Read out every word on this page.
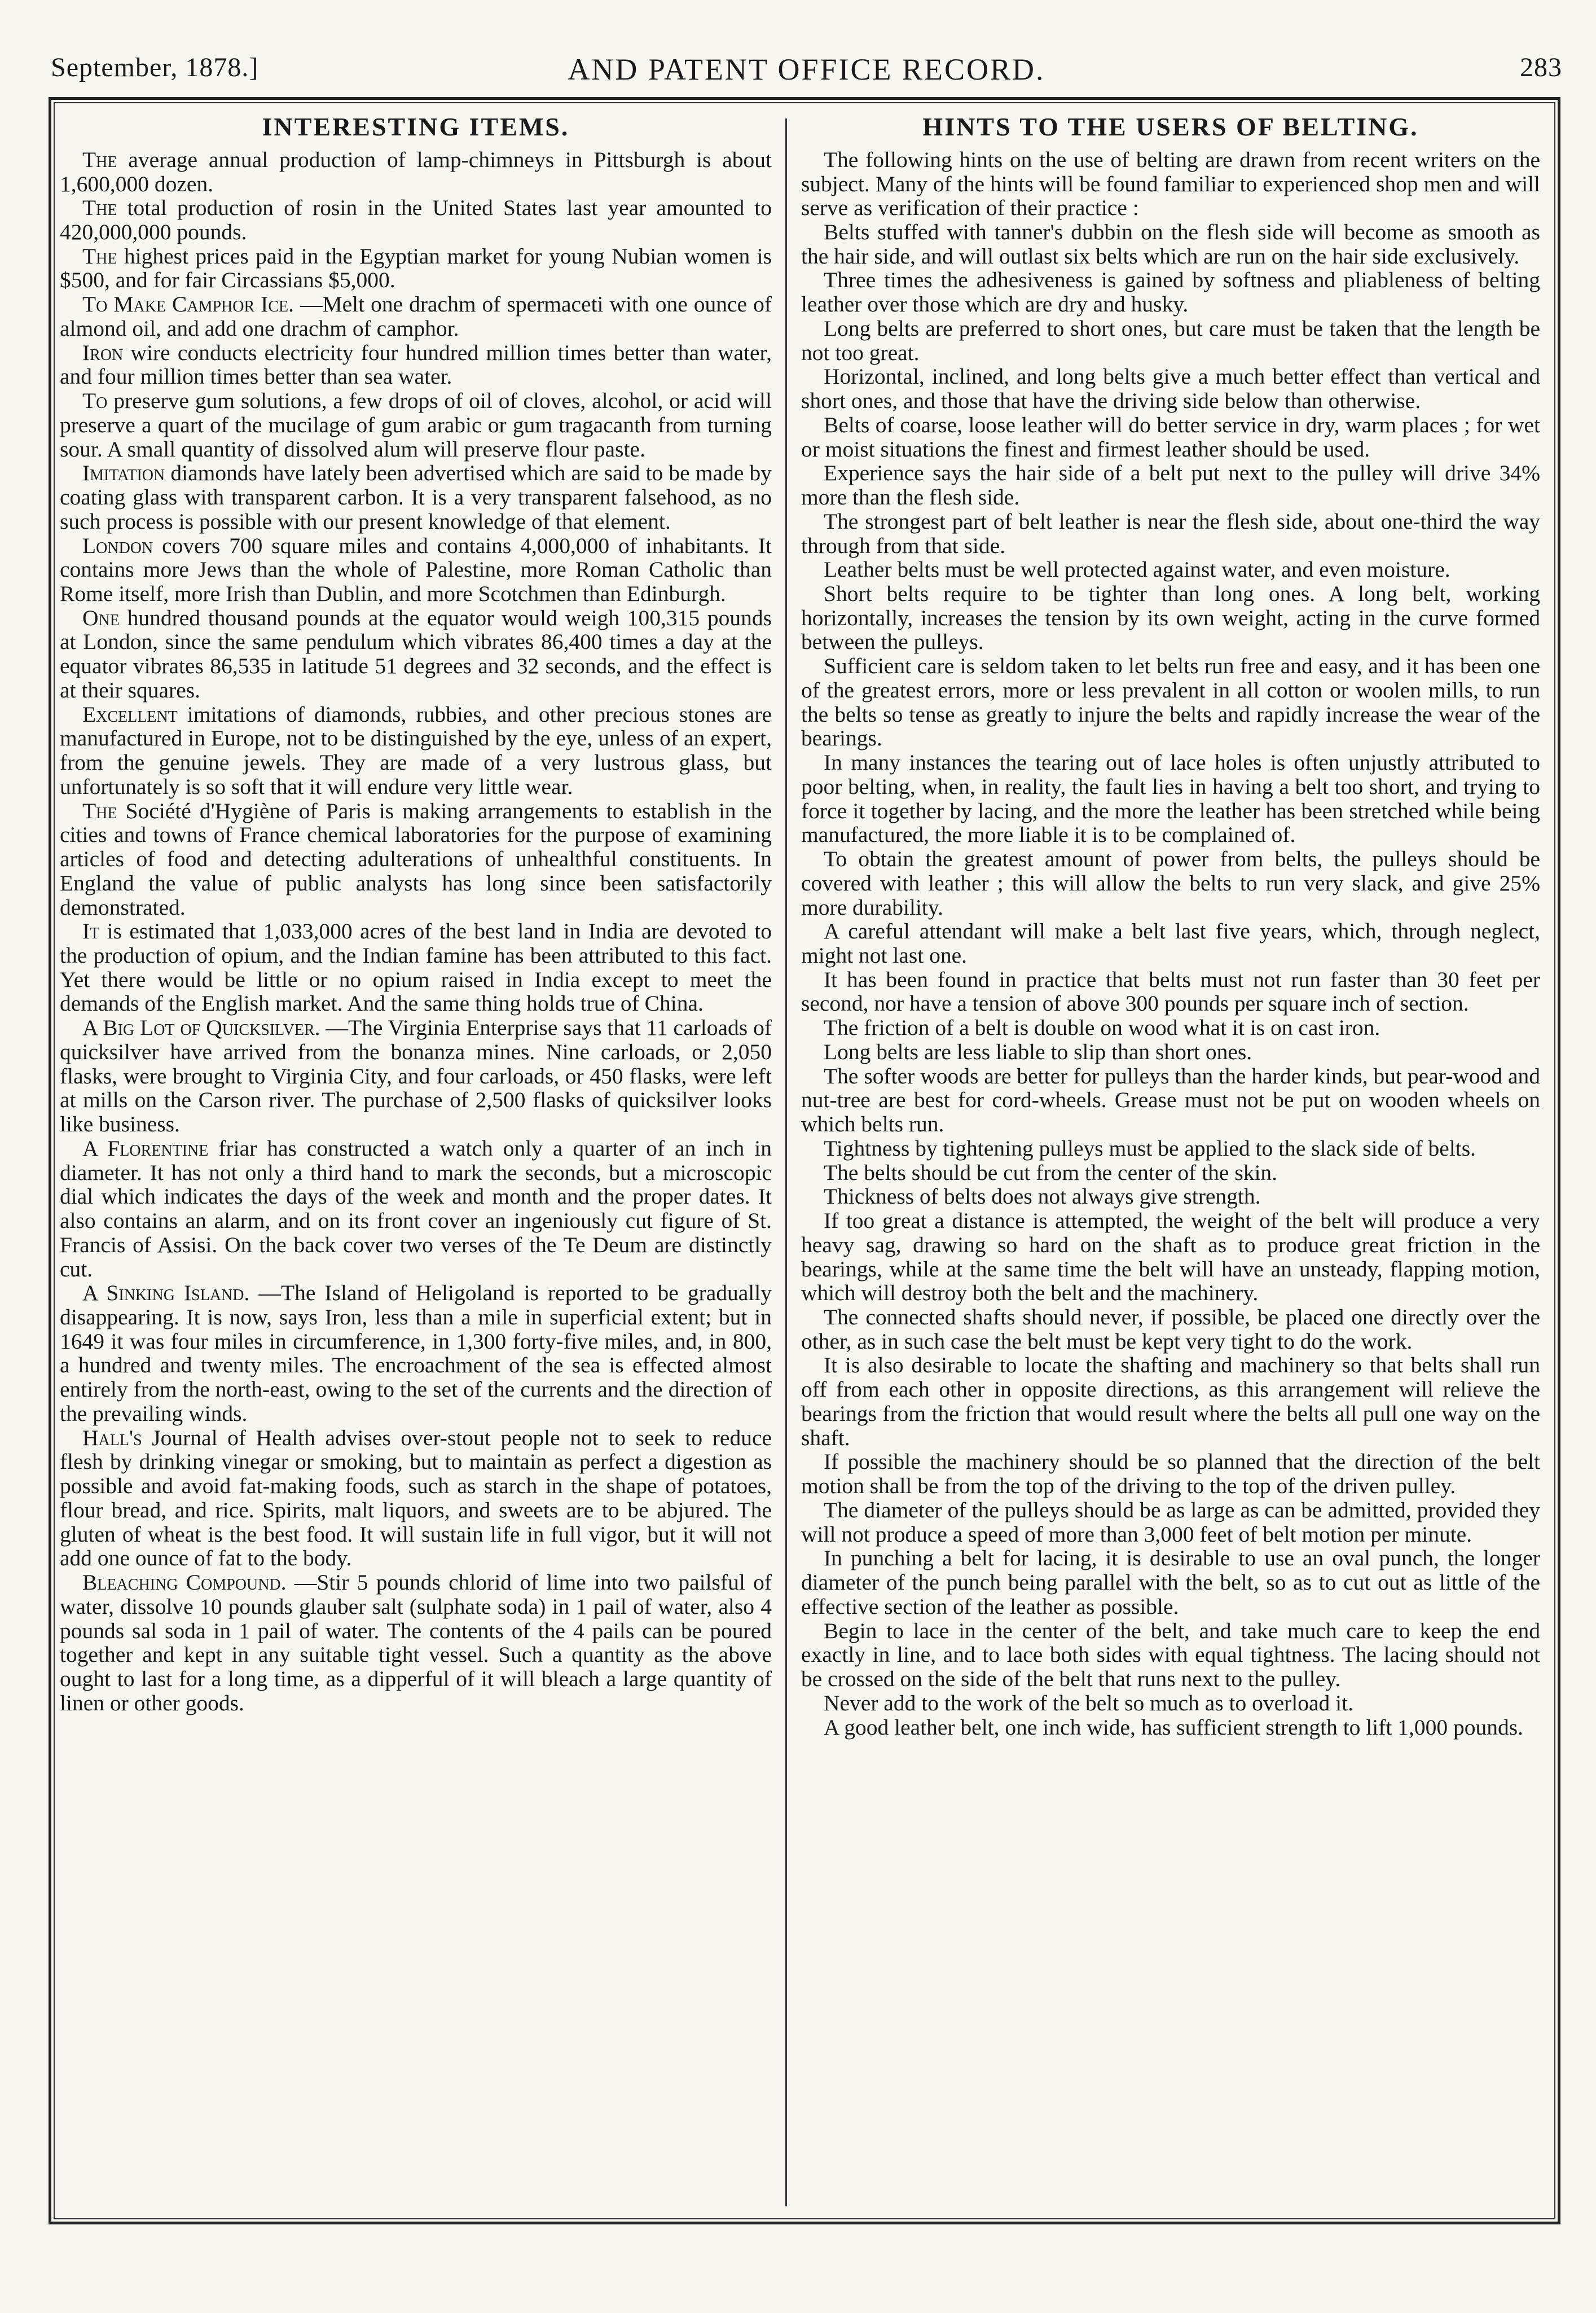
September, 1878.]	AND PATENT OFFICE RECORD.	283
INTERESTING ITEMS.

The average annual production of lamp-chimneys in Pittsburgh is about 1,600,000 dozen.

The total production of rosin in the United States last year amounted to 420,000,000 pounds.

The highest prices paid in the Egyptian market for young Nubian women is $500, and for fair Circassians $5,000.

To Make Camphor Ice. —Melt one drachm of spermaceti with one ounce of almond oil, and add one drachm of camphor.

Iron wire conducts electricity four hundred million times better than water, and four million times better than sea water.

To preserve gum solutions, a few drops of oil of cloves, alcohol, or acid will preserve a quart of the mucilage of gum arabic or gum tragacanth from turning sour. A small quantity of dissolved alum will preserve flour paste.

Imitation diamonds have lately been advertised which are said to be made by coating glass with transparent carbon. It is a very transparent falsehood, as no such process is possible with our present knowledge of that element.

London covers 700 square miles and contains 4,000,000 of inhabitants. It contains more Jews than the whole of Palestine, more Roman Catholic than Rome itself, more Irish than Dublin, and more Scotchmen than Edinburgh.

One hundred thousand pounds at the equator would weigh 100,315 pounds at London, since the same pendulum which vibrates 86,400 times a day at the equator vibrates 86,535 in latitude 51 degrees and 32 seconds, and the effect is at their squares.

Excellent imitations of diamonds, rubbies, and other precious stones are manufactured in Europe, not to be distinguished by the eye, unless of an expert, from the genuine jewels. They are made of a very lustrous glass, but unfortunately is so soft that it will endure very little wear.

The Société d'Hygiène of Paris is making arrangements to establish in the cities and towns of France chemical laboratories for the purpose of examining articles of food and detecting adulterations of unhealthful constituents. In England the value of public analysts has long since been satisfactorily demonstrated.

It is estimated that 1,033,000 acres of the best land in India are devoted to the production of opium, and the Indian famine has been attributed to this fact. Yet there would be little or no opium raised in India except to meet the demands of the English market. And the same thing holds true of China.

A Big Lot of Quicksilver. —The Virginia Enterprise says that 11 carloads of quicksilver have arrived from the bonanza mines. Nine carloads, or 2,050 flasks, were brought to Virginia City, and four carloads, or 450 flasks, were left at mills on the Carson river. The purchase of 2,500 flasks of quicksilver looks like business.

A Florentine friar has constructed a watch only a quarter of an inch in diameter. It has not only a third hand to mark the seconds, but a microscopic dial which indicates the days of the week and month and the proper dates. It also contains an alarm, and on its front cover an ingeniously cut figure of St. Francis of Assisi. On the back cover two verses of the Te Deum are distinctly cut.

A Sinking Island. —The Island of Heligoland is reported to be gradually disappearing. It is now, says Iron, less than a mile in superficial extent; but in 1649 it was four miles in circumference, in 1,300 forty-five miles, and, in 800, a hundred and twenty miles. The encroachment of the sea is effected almost entirely from the north-east, owing to the set of the currents and the direction of the prevailing winds.

Hall's Journal of Health advises over-stout people not to seek to reduce flesh by drinking vinegar or smoking, but to maintain as perfect a digestion as possible and avoid fat-making foods, such as starch in the shape of potatoes, flour bread, and rice. Spirits, malt liquors, and sweets are to be abjured. The gluten of wheat is the best food. It will sustain life in full vigor, but it will not add one ounce of fat to the body.

Bleaching Compound. —Stir 5 pounds chlorid of lime into two pailsful of water, dissolve 10 pounds glauber salt (sulphate soda) in 1 pail of water, also 4 pounds sal soda in 1 pail of water. The contents of the 4 pails can be poured together and kept in any suitable tight vessel. Such a quantity as the above ought to last for a long time, as a dipperful of it will bleach a large quantity of linen or other goods.

HINTS TO THE USERS OF BELTING.

The following hints on the use of belting are drawn from recent writers on the subject. Many of the hints will be found familiar to experienced shop men and will serve as verification of their practice :

Belts stuffed with tanner's dubbin on the flesh side will become as smooth as the hair side, and will outlast six belts which are run on the hair side exclusively.

Three times the adhesiveness is gained by softness and pliableness of belting leather over those which are dry and husky.

Long belts are preferred to short ones, but care must be taken that the length be not too great.

Horizontal, inclined, and long belts give a much better effect than vertical and short ones, and those that have the driving side below than otherwise.

Belts of coarse, loose leather will do better service in dry, warm places ; for wet or moist situations the finest and firmest leather should be used.

Experience says the hair side of a belt put next to the pulley will drive 34% more than the flesh side.

The strongest part of belt leather is near the flesh side, about one-third the way through from that side.

Leather belts must be well protected against water, and even moisture.

Short belts require to be tighter than long ones. A long belt, working horizontally, increases the tension by its own weight, acting in the curve formed between the pulleys.

Sufficient care is seldom taken to let belts run free and easy, and it has been one of the greatest errors, more or less prevalent in all cotton or woolen mills, to run the belts so tense as greatly to injure the belts and rapidly increase the wear of the bearings.

In many instances the tearing out of lace holes is often unjustly attributed to poor belting, when, in reality, the fault lies in having a belt too short, and trying to force it together by lacing, and the more the leather has been stretched while being manufactured, the more liable it is to be complained of.

To obtain the greatest amount of power from belts, the pulleys should be covered with leather ; this will allow the belts to run very slack, and give 25% more durability.

A careful attendant will make a belt last five years, which, through neglect, might not last one.

It has been found in practice that belts must not run faster than 30 feet per second, nor have a tension of above 300 pounds per square inch of section.

The friction of a belt is double on wood what it is on cast iron.

Long belts are less liable to slip than short ones.

The softer woods are better for pulleys than the harder kinds, but pear-wood and nut-tree are best for cord-wheels. Grease must not be put on wooden wheels on which belts run.

Tightness by tightening pulleys must be applied to the slack side of belts.

The belts should be cut from the center of the skin.

Thickness of belts does not always give strength.

If too great a distance is attempted, the weight of the belt will produce a very heavy sag, drawing so hard on the shaft as to produce great friction in the bearings, while at the same time the belt will have an unsteady, flapping motion, which will destroy both the belt and the machinery.

The connected shafts should never, if possible, be placed one directly over the other, as in such case the belt must be kept very tight to do the work.

It is also desirable to locate the shafting and machinery so that belts shall run off from each other in opposite directions, as this arrangement will relieve the bearings from the friction that would result where the belts all pull one way on the shaft.

If possible the machinery should be so planned that the direction of the belt motion shall be from the top of the driving to the top of the driven pulley.

The diameter of the pulleys should be as large as can be admitted, provided they will not produce a speed of more than 3,000 feet of belt motion per minute.

In punching a belt for lacing, it is desirable to use an oval punch, the longer diameter of the punch being parallel with the belt, so as to cut out as little of the effective section of the leather as possible.

Begin to lace in the center of the belt, and take much care to keep the end exactly in line, and to lace both sides with equal tightness. The lacing should not be crossed on the side of the belt that runs next to the pulley.

Never add to the work of the belt so much as to overload it.

A good leather belt, one inch wide, has sufficient strength to lift 1,000 pounds.
